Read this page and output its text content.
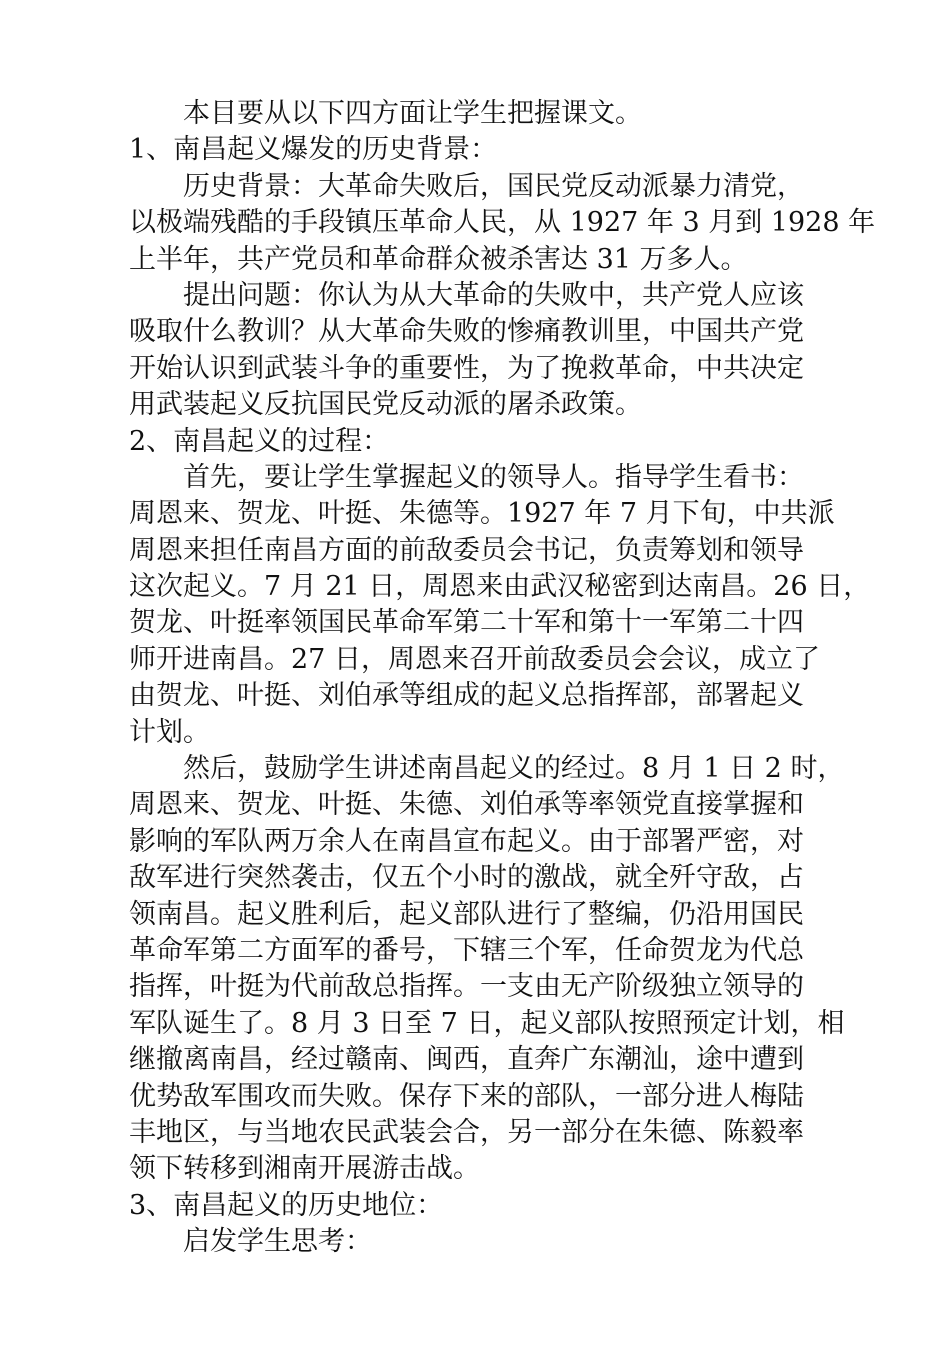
本目要从以下四方面让学生把握课文。
1、南昌起义爆发的历史背景：
历史背景：大革命失败后，国民党反动派暴力清党，
以极端残酷的手段镇压革命人民，从 1927 年 3 月到 1928 年
上半年，共产党员和革命群众被杀害达 31 万多人。
提出问题：你认为从大革命的失败中，共产党人应该
吸取什么教训？从大革命失败的惨痛教训里，中国共产党
开始认识到武装斗争的重要性，为了挽救革命，中共决定
用武装起义反抗国民党反动派的屠杀政策。
2、南昌起义的过程：
首先，要让学生掌握起义的领导人。指导学生看书：
周恩来、贺龙、叶挺、朱德等。1927 年 7 月下旬，中共派
周恩来担任南昌方面的前敌委员会书记，负责筹划和领导
这次起义。7 月 21 日，周恩来由武汉秘密到达南昌。26 日，
贺龙、叶挺率领国民革命军第二十军和第十一军第二十四
师开进南昌。27 日，周恩来召开前敌委员会会议，成立了
由贺龙、叶挺、刘伯承等组成的起义总指挥部，部署起义
计划。
然后，鼓励学生讲述南昌起义的经过。8 月 1 日 2 时，
周恩来、贺龙、叶挺、朱德、刘伯承等率领党直接掌握和
影响的军队两万余人在南昌宣布起义。由于部署严密，对
敌军进行突然袭击，仅五个小时的激战，就全歼守敌，占
领南昌。起义胜利后，起义部队进行了整编，仍沿用国民
革命军第二方面军的番号，下辖三个军，任命贺龙为代总
指挥，叶挺为代前敌总指挥。一支由无产阶级独立领导的
军队诞生了。8 月 3 日至 7 日，起义部队按照预定计划，相
继撤离南昌，经过赣南、闽西，直奔广东潮汕，途中遭到
优势敌军围攻而失败。保存下来的部队，一部分进人梅陆
丰地区，与当地农民武装会合，另一部分在朱德、陈毅率
领下转移到湘南开展游击战。
3、南昌起义的历史地位：
启发学生思考：
